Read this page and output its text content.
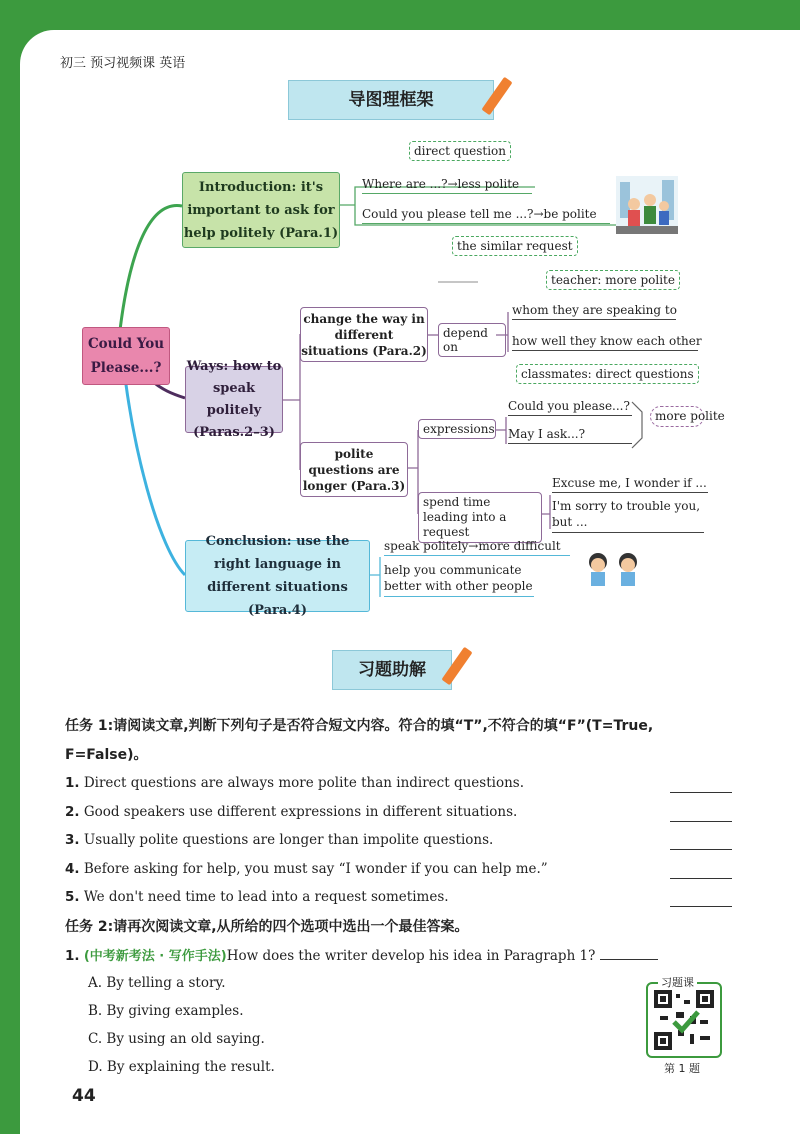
初三 预习视频课 英语
导图理框架
Could You Please...?
Introduction: it's important to ask for help politely (Para.1)
direct question
Where are ...?→less polite
Could you please tell me ...?→be polite
the similar request
Ways: how to speak politely (Paras.2–3)
change the way in different situations (Para.2)
depend on
teacher: more polite
whom they are speaking to
how well they know each other
classmates: direct questions
polite questions are longer (Para.3)
expressions
Could you please...?
May I ask...?
more polite
spend time leading into a request
Excuse me, I wonder if ...
I'm sorry to trouble you, but ...
Conclusion: use the right language in different situations (Para.4)
speak politely→more difficult
help you communicate better with other people
习题助解
任务 1:请阅读文章,判断下列句子是否符合短文内容。符合的填“T”,不符合的填“F”(T=True,
F=False)。
1. Direct questions are always more polite than indirect questions.
2. Good speakers use different expressions in different situations.
3. Usually polite questions are longer than impolite questions.
4. Before asking for help, you must say “I wonder if you can help me.”
5. We don't need time to lead into a request sometimes.
任务 2:请再次阅读文章,从所给的四个选项中选出一个最佳答案。
1. (中考新考法 · 写作手法)How does the writer develop his idea in Paragraph 1?
A. By telling a story.
B. By giving examples.
C. By using an old saying.
D. By explaining the result.
习题课
第 1 题
44
